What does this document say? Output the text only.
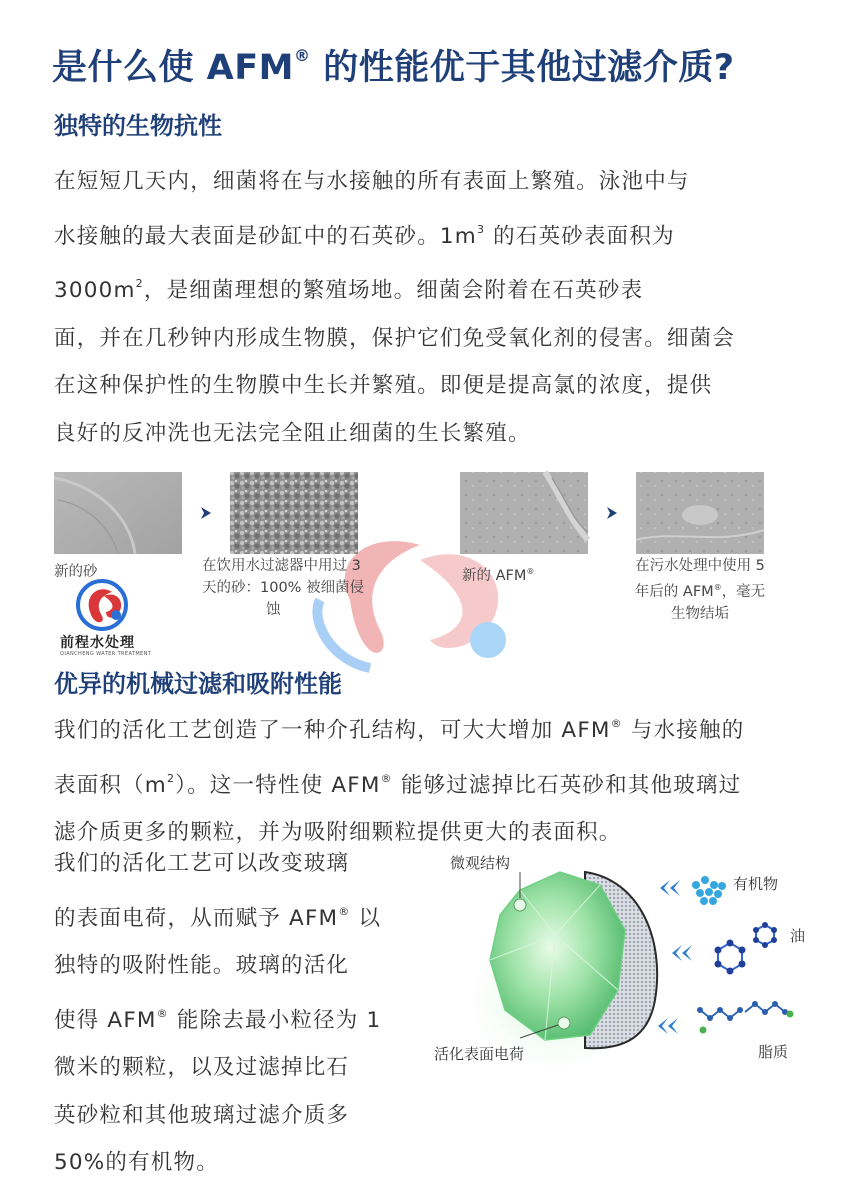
是什么使 AFM® 的性能优于其他过滤介质?
独特的生物抗性
在短短几天内，细菌将在与水接触的所有表面上繁殖。泳池中与
水接触的最大表面是砂缸中的石英砂。$1m^3$ 的石英砂表面积为
$3000m^2$，是细菌理想的繁殖场地。细菌会附着在石英砂表
面，并在几秒钟内形成生物膜，保护它们免受氧化剂的侵害。细菌会
在这种保护性的生物膜中生长并繁殖。即便是提高氯的浓度，提供
良好的反冲洗也无法完全阻止细菌的生长繁殖。
新的砂	在饮用水过滤器中用过 3
天的砂：100% 被细菌侵
蚀
新的 AFM®	在污水处理中使用 5
年后的 AFM®，毫无
生物结垢
前程水处理
QIANCHENG WATER TREATMENT
优异的机械过滤和吸附性能
我们的活化工艺创造了一种介孔结构，可大大增加 AFM® 与水接触的
表面积$(m^2)$。这一特性使 AFM® 能够过滤掉比石英砂和其他玻璃过
滤介质更多的颗粒，并为吸附细颗粒提供更大的表面积。
我们的活化工艺可以改变玻璃
的表面电荷，从而赋予 AFM® 以
独特的吸附性能。玻璃的活化
使得 AFM® 能除去最小粒径为 1
微米的颗粒，以及过滤掉比石
英砂粒和其他玻璃过滤介质多
50%的有机物。
微观结构
有机物
油
脂质
活化表面电荷
